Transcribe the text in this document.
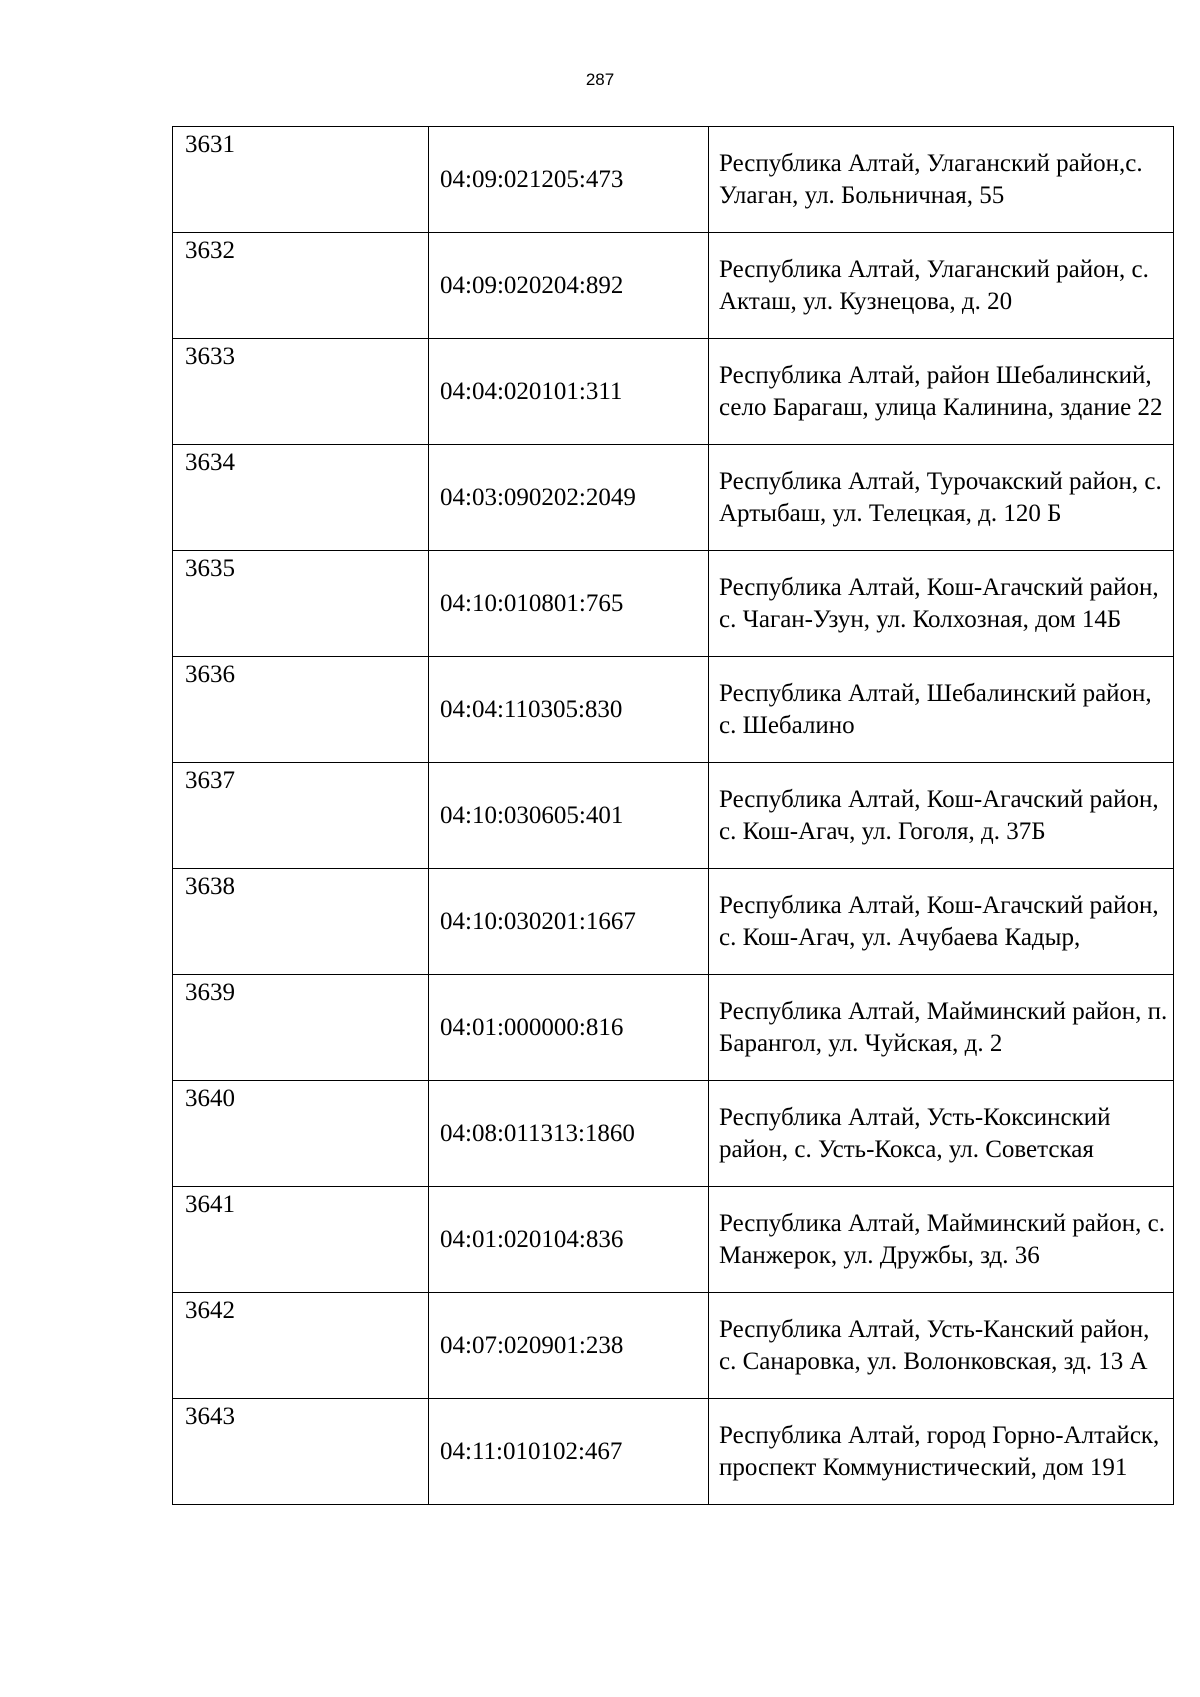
287
3631	04:09:021205:473	Республика Алтай, Улаганский район,с. Улаган, ул. Больничная, 55
3632	04:09:020204:892	Республика Алтай, Улаганский район, с. Акташ, ул. Кузнецова, д. 20
3633	04:04:020101:311	Республика Алтай, район Шебалинский, село Барагаш, улица Калинина, здание 22
3634	04:03:090202:2049	Республика Алтай, Турочакский район, с. Артыбаш, ул. Телецкая, д. 120 Б
3635	04:10:010801:765	Республика Алтай, Кош-Агачский район, с. Чаган-Узун, ул. Колхозная, дом 14Б
3636	04:04:110305:830	Республика Алтай, Шебалинский район, с. Шебалино
3637	04:10:030605:401	Республика Алтай, Кош-Агачский район, с. Кош-Агач, ул. Гоголя, д. 37Б
3638	04:10:030201:1667	Республика Алтай, Кош-Агачский район, с. Кош-Агач, ул. Ачубаева Кадыр,
3639	04:01:000000:816	Республика Алтай, Майминский район, п. Барангол, ул. Чуйская, д. 2
3640	04:08:011313:1860	Республика Алтай, Усть-Коксинский район, с. Усть-Кокса, ул. Советская
3641	04:01:020104:836	Республика Алтай, Майминский район, с. Манжерок, ул. Дружбы, зд. 36
3642	04:07:020901:238	Республика Алтай, Усть-Канский район, с. Санаровка, ул. Волонковская, зд. 13 А
3643	04:11:010102:467	Республика Алтай, город Горно-Алтайск, проспект Коммунистический, дом 191
